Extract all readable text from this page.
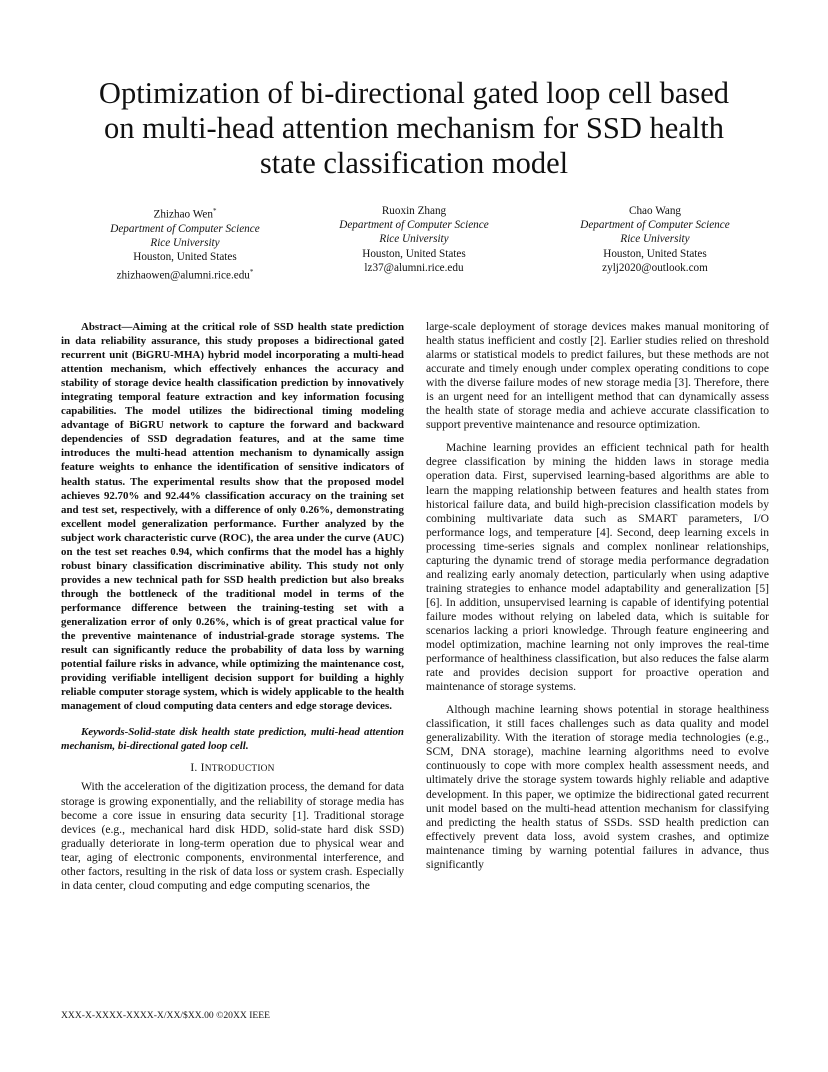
Optimization of bi-directional gated loop cell based
on multi-head attention mechanism for SSD health
state classification model
Zhizhao Wen*
Department of Computer Science
Rice University
Houston, United States
zhizhaowen@alumni.rice.edu*
Ruoxin Zhang
Department of Computer Science
Rice University
Houston, United States
lz37@alumni.rice.edu
Chao Wang
Department of Computer Science
Rice University
Houston, United States
zylj2020@outlook.com

Abstract—Aiming at the critical role of SSD health state prediction in data reliability assurance, this study proposes a bidirectional gated recurrent unit (BiGRU-MHA) hybrid model incorporating a multi-head attention mechanism, which effectively enhances the accuracy and stability of storage device health classification prediction by innovatively integrating temporal feature extraction and key information focusing capabilities. The model utilizes the bidirectional timing modeling advantage of BiGRU network to capture the forward and backward dependencies of SSD degradation features, and at the same time introduces the multi-head attention mechanism to dynamically assign feature weights to enhance the identification of sensitive indicators of health status. The experimental results show that the proposed model achieves 92.70% and 92.44% classification accuracy on the training set and test set, respectively, with a difference of only 0.26%, demonstrating excellent model generalization performance. Further analyzed by the subject work characteristic curve (ROC), the area under the curve (AUC) on the test set reaches 0.94, which confirms that the model has a highly robust binary classification discriminative ability. This study not only provides a new technical path for SSD health prediction but also breaks through the bottleneck of the traditional model in terms of the performance difference between the training-testing set with a generalization error of only 0.26%, which is of great practical value for the preventive maintenance of industrial-grade storage systems. The result can significantly reduce the probability of data loss by warning potential failure risks in advance, while optimizing the maintenance cost, providing verifiable intelligent decision support for building a highly reliable computer storage system, which is widely applicable to the health management of cloud computing data centers and edge storage devices.

Keywords-Solid-state disk health state prediction, multi-head attention mechanism, bi-directional gated loop cell.

I. INTRODUCTION

With the acceleration of the digitization process, the demand for data storage is growing exponentially, and the reliability of storage media has become a core issue in ensuring data security [1]. Traditional storage devices (e.g., mechanical hard disk HDD, solid-state hard disk SSD) gradually deteriorate in long-term operation due to physical wear and tear, aging of electronic components, environmental interference, and other factors, resulting in the risk of data loss or system crash. Especially in data center, cloud computing and edge computing scenarios, the

large-scale deployment of storage devices makes manual monitoring of health status inefficient and costly [2]. Earlier studies relied on threshold alarms or statistical models to predict failures, but these methods are not accurate and timely enough under complex operating conditions to cope with the diverse failure modes of new storage media [3]. Therefore, there is an urgent need for an intelligent method that can dynamically assess the health state of storage media and achieve accurate classification to support preventive maintenance and resource optimization.

Machine learning provides an efficient technical path for health degree classification by mining the hidden laws in storage media operation data. First, supervised learning-based algorithms are able to learn the mapping relationship between features and health states from historical failure data, and build high-precision classification models by combining multivariate data such as SMART parameters, I/O performance logs, and temperature [4]. Second, deep learning excels in processing time-series signals and complex nonlinear relationships, capturing the dynamic trend of storage media performance degradation and realizing early anomaly detection, particularly when using adaptive training strategies to enhance model adaptability and generalization [5][6]. In addition, unsupervised learning is capable of identifying potential failure modes without relying on labeled data, which is suitable for scenarios lacking a priori knowledge. Through feature engineering and model optimization, machine learning not only improves the real-time performance of healthiness classification, but also reduces the false alarm rate and provides decision support for proactive operation and maintenance of storage systems.

Although machine learning shows potential in storage healthiness classification, it still faces challenges such as data quality and model generalizability. With the iteration of storage media technologies (e.g., SCM, DNA storage), machine learning algorithms need to evolve continuously to cope with more complex health assessment needs, and ultimately drive the storage system towards highly reliable and adaptive development. In this paper, we optimize the bidirectional gated recurrent unit model based on the multi-head attention mechanism for classifying and predicting the health status of SSDs. SSD health prediction can effectively prevent data loss, avoid system crashes, and optimize maintenance timing by warning potential failures in advance, thus significantly

XXX-X-XXXX-XXXX-X/XX/$XX.00 ©20XX IEEE
